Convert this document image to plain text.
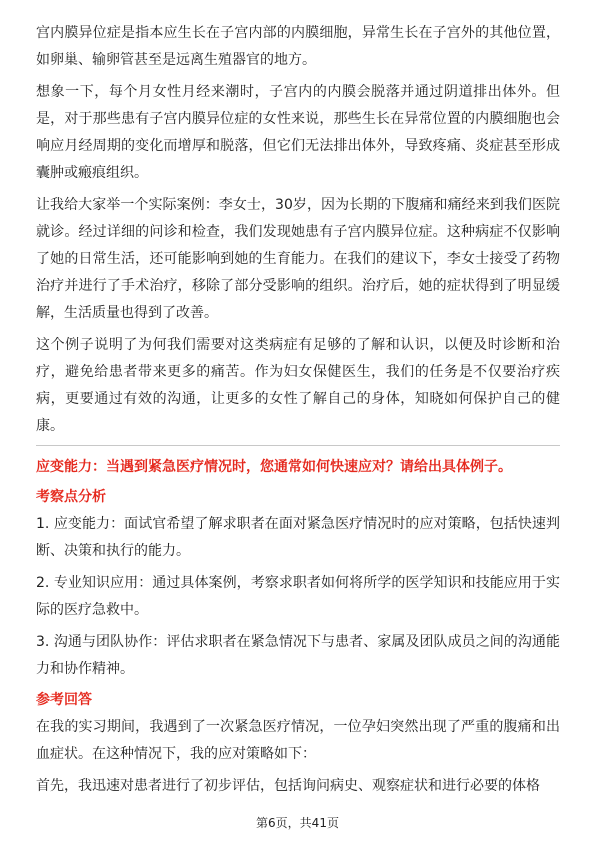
宫内膜异位症是指本应生长在子宫内部的内膜细胞，异常生长在子宫外的其他位置，如卵巢、输卵管甚至是远离生殖器官的地方。

想象一下，每个月女性月经来潮时，子宫内的内膜会脱落并通过阴道排出体外。但是，对于那些患有子宫内膜异位症的女性来说，那些生长在异常位置的内膜细胞也会响应月经周期的变化而增厚和脱落，但它们无法排出体外，导致疼痛、炎症甚至形成囊肿或瘢痕组织。

让我给大家举一个实际案例：李女士，30岁，因为长期的下腹痛和痛经来到我们医院就诊。经过详细的问诊和检查，我们发现她患有子宫内膜异位症。这种病症不仅影响了她的日常生活，还可能影响到她的生育能力。在我们的建议下，李女士接受了药物治疗并进行了手术治疗，移除了部分受影响的组织。治疗后，她的症状得到了明显缓解，生活质量也得到了改善。

这个例子说明了为何我们需要对这类病症有足够的了解和认识，以便及时诊断和治疗，避免给患者带来更多的痛苦。作为妇女保健医生，我们的任务是不仅要治疗疾病，更要通过有效的沟通，让更多的女性了解自己的身体，知晓如何保护自己的健康。

应变能力：当遇到紧急医疗情况时，您通常如何快速应对？请给出具体例子。

考察点分析

1. 应变能力：面试官希望了解求职者在面对紧急医疗情况时的应对策略，包括快速判断、决策和执行的能力。

2. 专业知识应用：通过具体案例，考察求职者如何将所学的医学知识和技能应用于实际的医疗急救中。

3. 沟通与团队协作：评估求职者在紧急情况下与患者、家属及团队成员之间的沟通能力和协作精神。

参考回答

在我的实习期间，我遇到了一次紧急医疗情况，一位孕妇突然出现了严重的腹痛和出血症状。在这种情况下，我的应对策略如下：

首先，我迅速对患者进行了初步评估，包括询问病史、观察症状和进行必要的体格

第6页，共41页
